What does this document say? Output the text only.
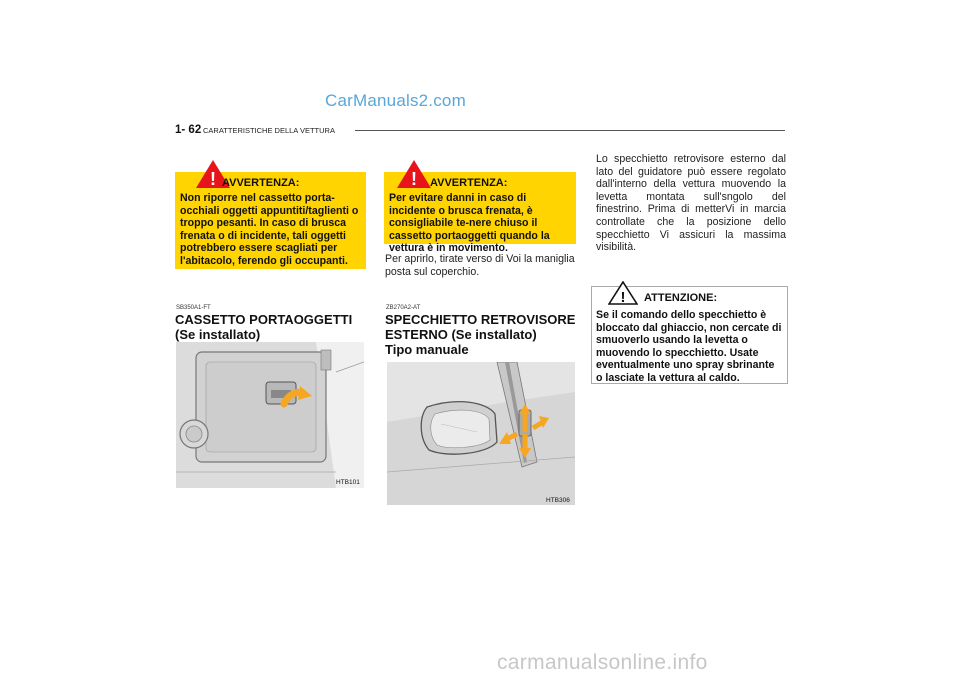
CarManuals2.com
1- 62 CARATTERISTICHE DELLA VETTURA
! AVVERTENZA:
Non riporre nel cassetto porta-occhiali oggetti appuntiti/taglienti o troppo pesanti. In caso di brusca frenata o di incidente, tali oggetti potrebbero essere scagliati per l'abitacolo, ferendo gli occupanti.
SB350A1-FT
CASSETTO PORTAOGGETTI
(Se installato)
HTB101
! AVVERTENZA:
Per evitare danni in caso di incidente o brusca frenata, è consigliabile te-nere chiuso il cassetto portaoggetti quando la vettura è in movimento.
Per aprirlo, tirate verso di Voi la maniglia posta sul coperchio.
ZB270A2-AT
SPECCHIETTO RETROVISORE
ESTERNO (Se installato)
Tipo manuale
HTB306
Lo specchietto retrovisore esterno dal lato del guidatore può essere regolato dall'interno della vettura muovendo la levetta montata sull'sngolo del finestrino. Prima di metterVi in marcia controllate che la posizione dello specchietto Vi assicuri la massima visibilità.
! ATTENZIONE:
Se il comando dello specchietto è bloccato dal ghiaccio, non cercate di smuoverlo usando la levetta o muovendo lo specchietto. Usate eventualmente uno spray sbrinante o lasciate la vettura al caldo.
carmanualsonline.info
